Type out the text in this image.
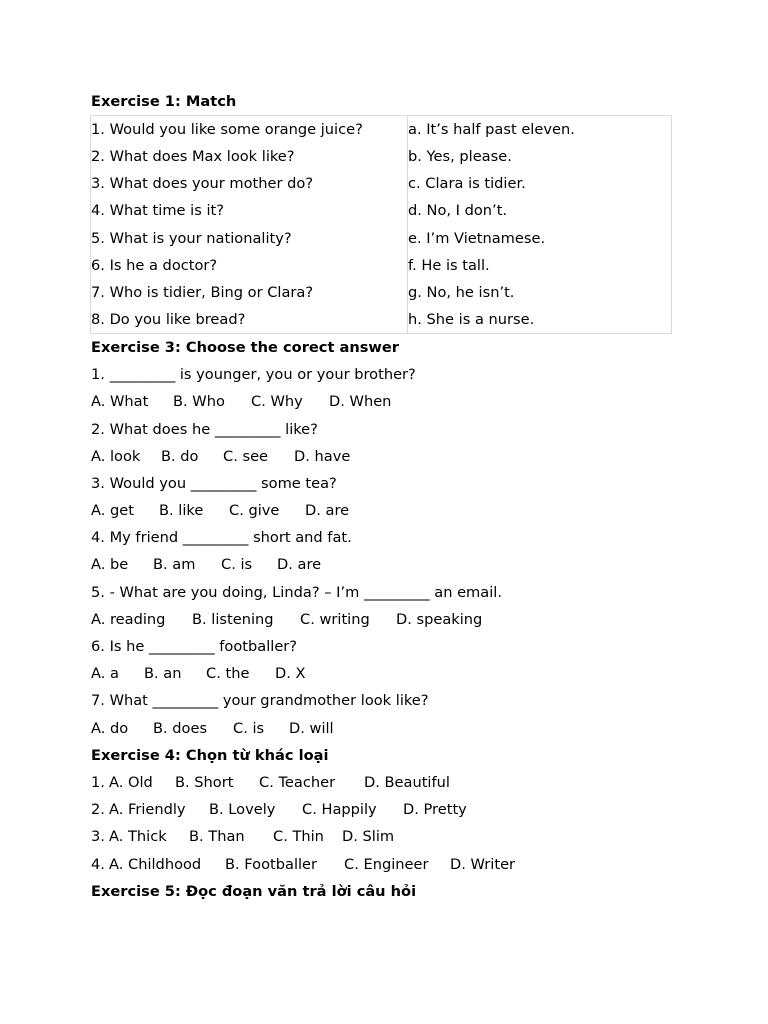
Exercise 1: Match
1. Would you like some orange juice?	a. It’s half past eleven.
2. What does Max look like?	b. Yes, please.
3. What does your mother do?	c. Clara is tidier.
4. What time is it?	d. No, I don’t.
5. What is your nationality?	e. I’m Vietnamese.
6. Is he a doctor?	f. He is tall.
7. Who is tidier, Bing or Clara?	g. No, he isn’t.
8. Do you like bread?	h. She is a nurse.
Exercise 3: Choose the corect answer
1. _________ is younger, you or your brother?
A. What B. Who C. Why D. When
2. What does he _________ like?
A. look B. do C. see D. have
3. Would you _________ some tea?
A. get B. like C. give D. are
4. My friend _________ short and fat.
A. be B. am C. is D. are
5. - What are you doing, Linda? – I’m _________ an email.
A. reading B. listening C. writing D. speaking
6. Is he _________ footballer?
A. a B. an C. the D. X
7. What _________ your grandmother look like?
A. do B. does C. is D. will
Exercise 4: Chọn từ khác loại
1. A. Old B. Short C. Teacher D. Beautiful
2. A. Friendly B. Lovely C. Happily D. Pretty
3. A. Thick B. Than C. Thin D. Slim
4. A. Childhood B. Footballer C. Engineer D. Writer
Exercise 5: Đọc đoạn văn trả lời câu hỏi
